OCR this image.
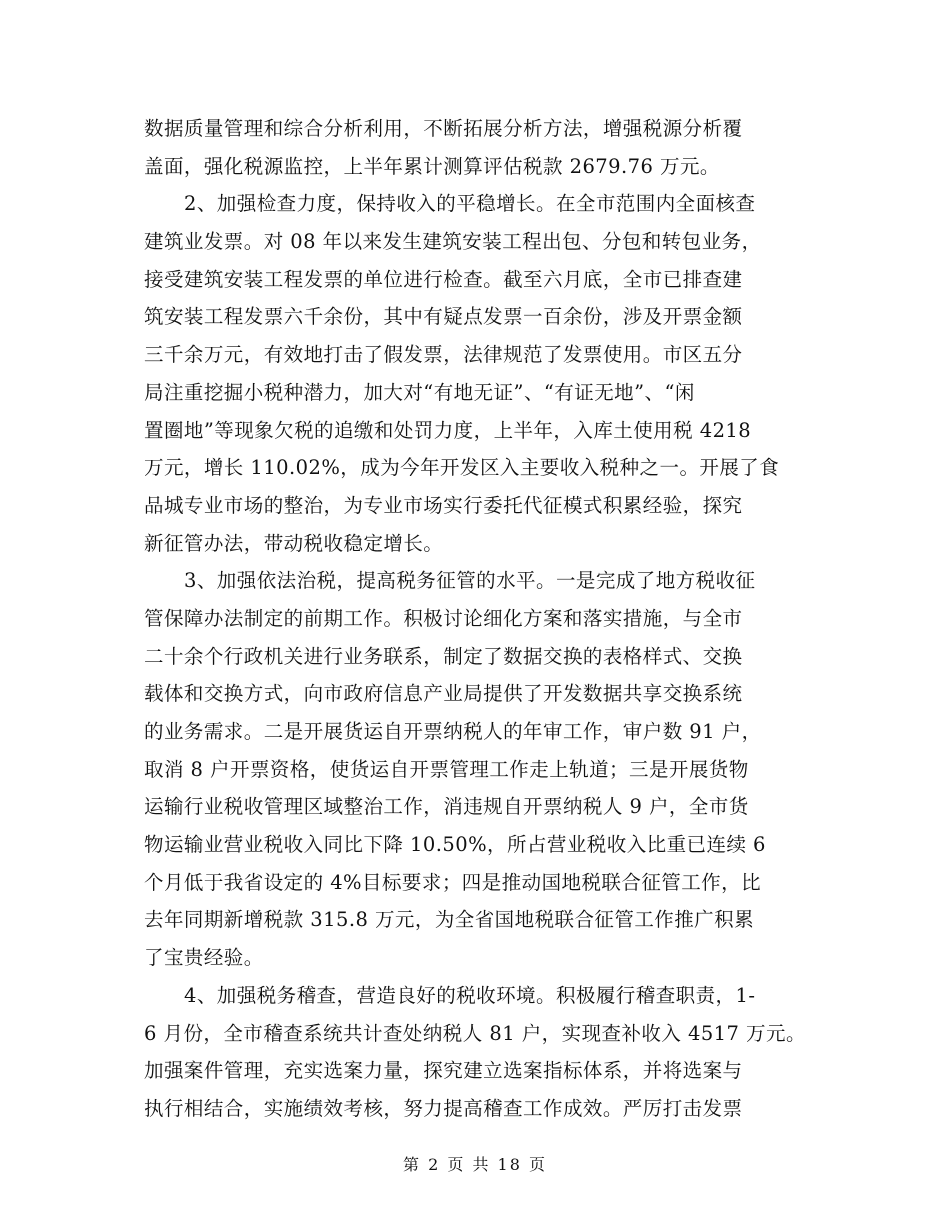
数据质量管理和综合分析利用，不断拓展分析方法，增强税源分析覆
盖面，强化税源监控，上半年累计测算评估税款 2679.76 万元。
2、加强检查力度，保持收入的平稳增长。在全市范围内全面核查
建筑业发票。对 08 年以来发生建筑安装工程出包、分包和转包业务，
接受建筑安装工程发票的单位进行检查。截至六月底，全市已排查建
筑安装工程发票六千余份，其中有疑点发票一百余份，涉及开票金额
三千余万元，有效地打击了假发票，法律规范了发票使用。市区五分
局注重挖掘小税种潜力，加大对“有地无证”、“有证无地”、“闲
置圈地”等现象欠税的追缴和处罚力度，上半年，入库土使用税 4218
万元，增长 110.02%，成为今年开发区入主要收入税种之一。开展了食
品城专业市场的整治，为专业市场实行委托代征模式积累经验，探究
新征管办法，带动税收稳定增长。
3、加强依法治税，提高税务征管的水平。一是完成了地方税收征
管保障办法制定的前期工作。积极讨论细化方案和落实措施，与全市
二十余个行政机关进行业务联系，制定了数据交换的表格样式、交换
载体和交换方式，向市政府信息产业局提供了开发数据共享交换系统
的业务需求。二是开展货运自开票纳税人的年审工作，审户数 91 户，
取消 8 户开票资格，使货运自开票管理工作走上轨道；三是开展货物
运输行业税收管理区域整治工作，消违规自开票纳税人 9 户，全市货
物运输业营业税收入同比下降 10.50%，所占营业税收入比重已连续 6
个月低于我省设定的 4%目标要求；四是推动国地税联合征管工作，比
去年同期新增税款 315.8 万元，为全省国地税联合征管工作推广积累
了宝贵经验。
4、加强税务稽查，营造良好的税收环境。积极履行稽查职责，1-
6 月份，全市稽查系统共计查处纳税人 81 户，实现查补收入 4517 万元。
加强案件管理，充实选案力量，探究建立选案指标体系，并将选案与
执行相结合，实施绩效考核，努力提高稽查工作成效。严厉打击发票
第 2 页 共 18 页
